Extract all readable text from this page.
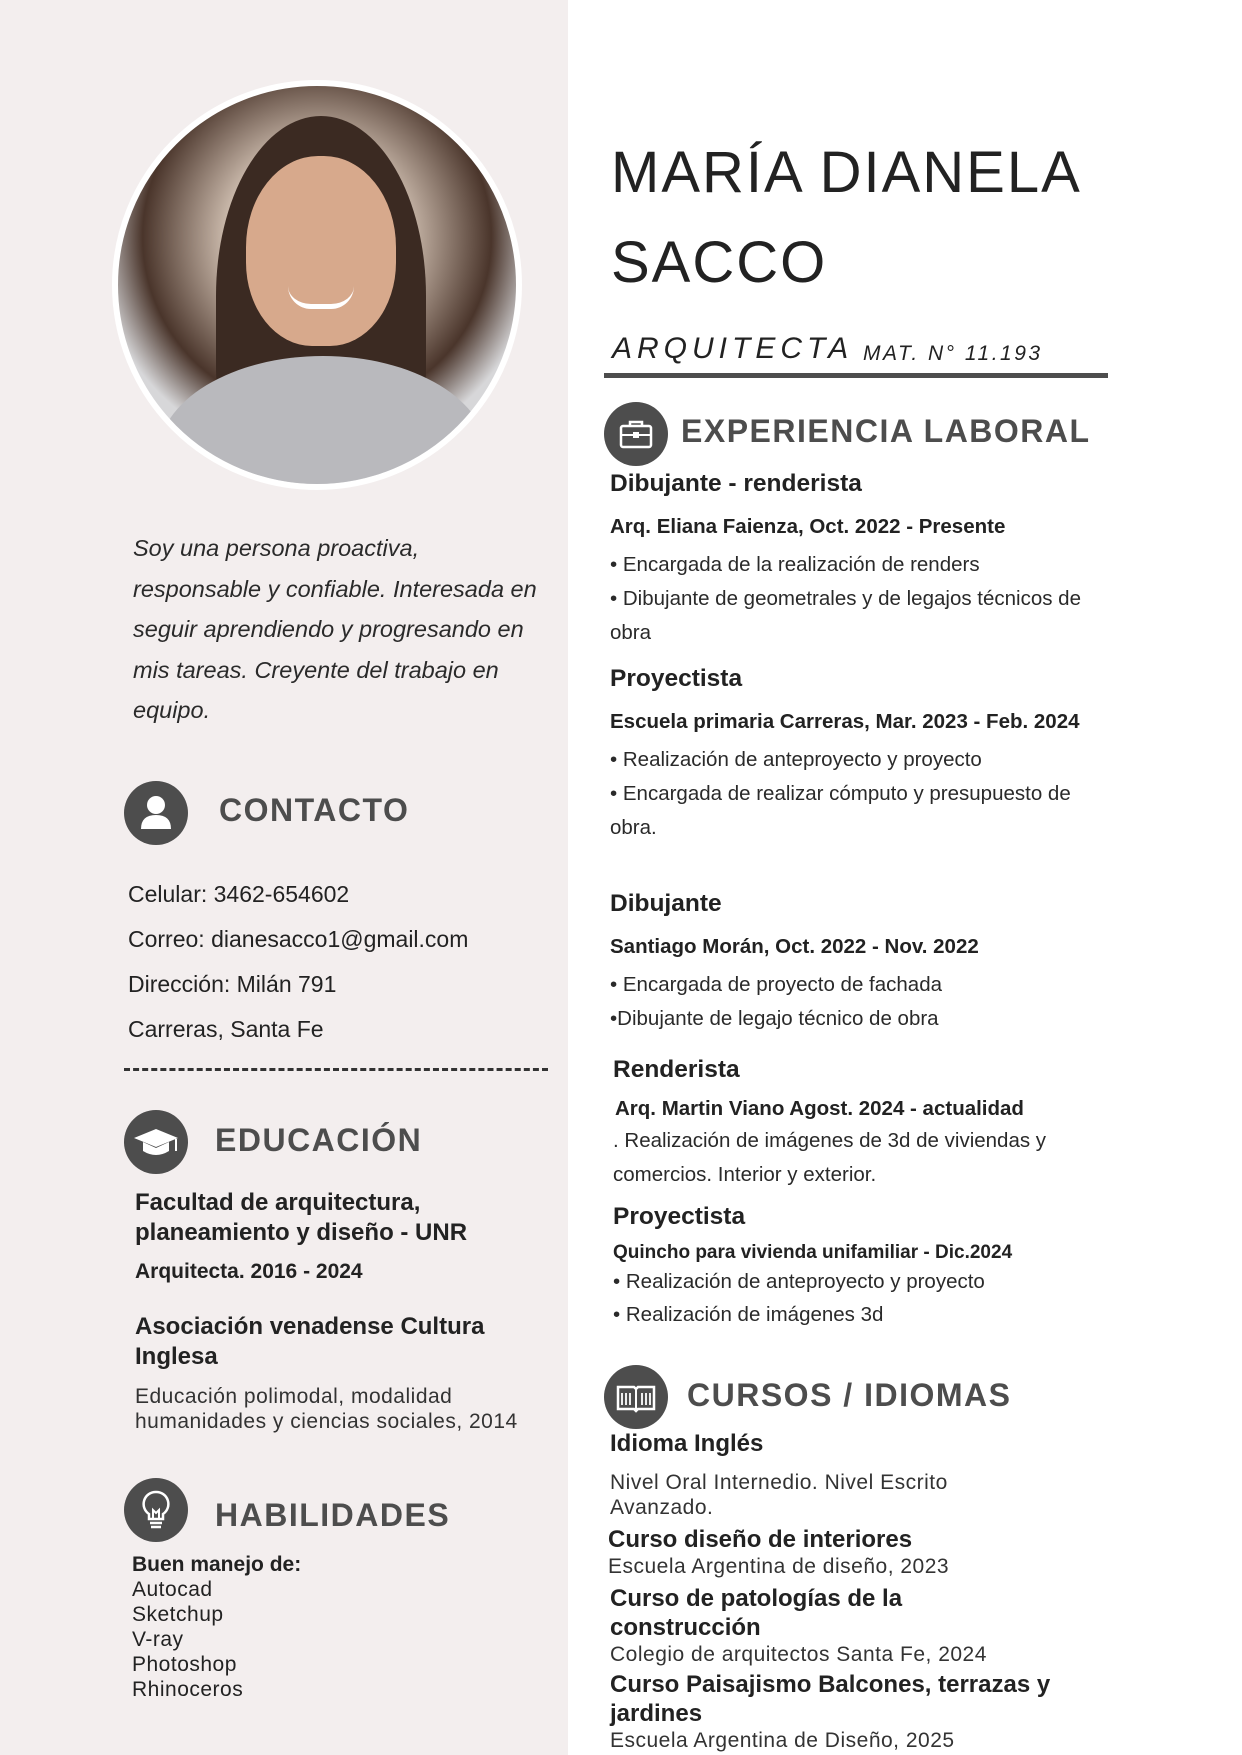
Soy una persona proactiva, responsable y confiable. Interesada en seguir aprendiendo y progresando en mis tareas. Creyente del trabajo en equipo.
CONTACTO
Celular: 3462-654602
Correo: dianesacco1@gmail.com
Dirección: Milán 791
Carreras, Santa Fe
EDUCACIÓN
Facultad de arquitectura, planeamiento y diseño - UNR
Arquitecta. 2016 - 2024
Asociación venadense Cultura Inglesa
Educación polimodal, modalidad humanidades y ciencias sociales, 2014
HABILIDADES
Buen manejo de:
Autocad
Sketchup
V-ray
Photoshop
Rhinoceros
MARÍA DIANELA
SACCO
ARQUITECTA MAT. N° 11.193
EXPERIENCIA LABORAL
Dibujante - renderista
Arq. Eliana Faienza, Oct. 2022 - Presente
• Encargada de la realización de renders
• Dibujante de geometrales y de legajos técnicos de obra
Proyectista
Escuela primaria Carreras, Mar. 2023 - Feb. 2024
• Realización de anteproyecto y proyecto
• Encargada de realizar cómputo y presupuesto de obra.
Dibujante
Santiago Morán, Oct. 2022 - Nov. 2022
• Encargada de proyecto de fachada
•Dibujante de legajo técnico de obra
Renderista
Arq. Martin Viano Agost. 2024 - actualidad
. Realización de imágenes de 3d de viviendas y comercios. Interior y exterior.
Proyectista
Quincho para vivienda unifamiliar - Dic.2024
• Realización de anteproyecto y proyecto
• Realización de imágenes 3d
CURSOS / IDIOMAS
Idioma Inglés
Nivel Oral Internedio. Nivel Escrito Avanzado.
Curso diseño de interiores
Escuela Argentina de diseño, 2023
Curso de patologías de la construcción
Colegio de arquitectos Santa Fe, 2024
Curso Paisajismo Balcones, terrazas y jardines
Escuela Argentina de Diseño, 2025
